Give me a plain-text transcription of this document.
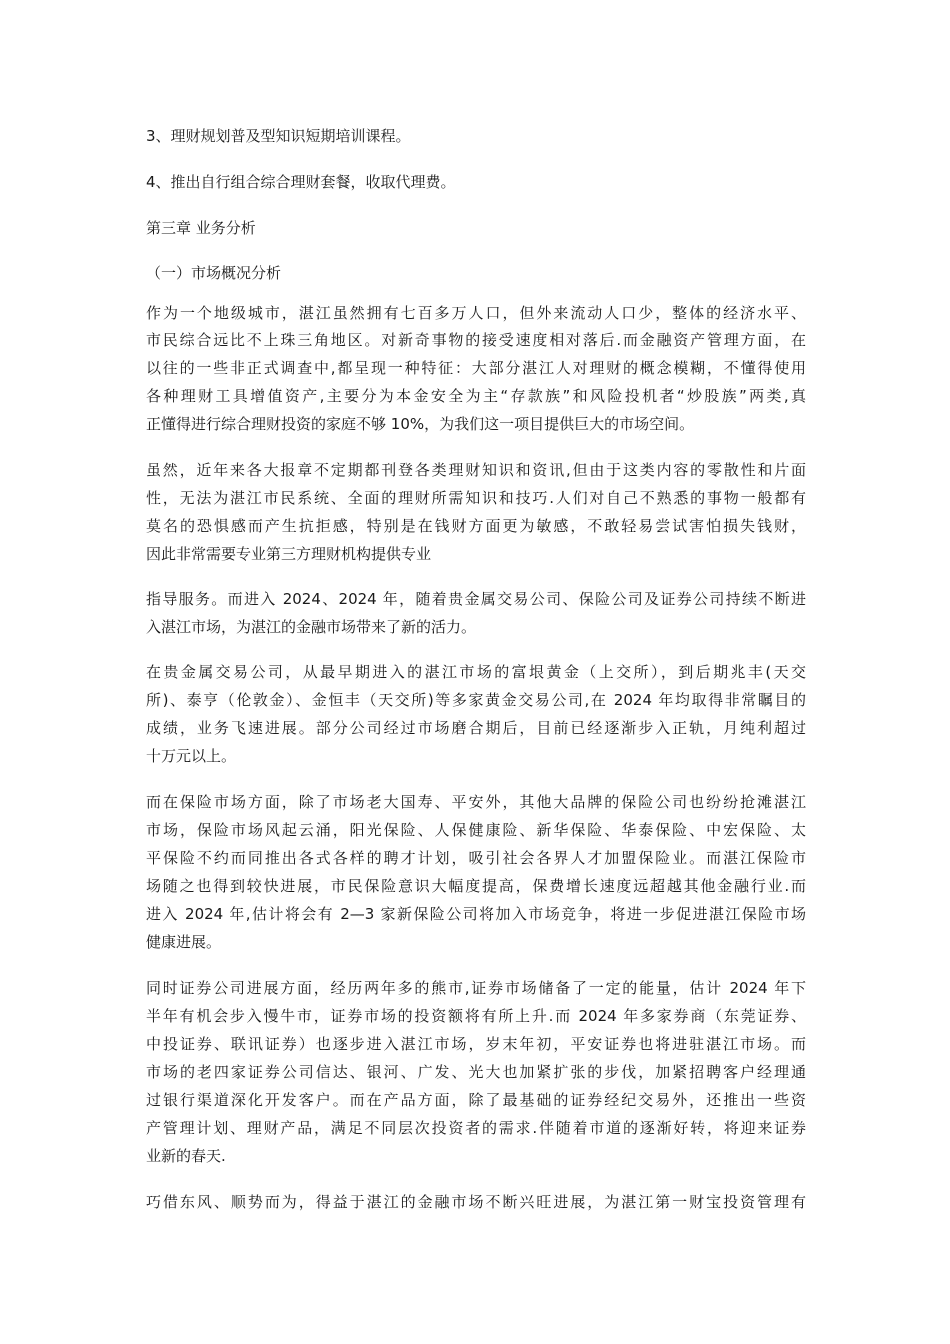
3、理财规划普及型知识短期培训课程。
4、推出自行组合综合理财套餐，收取代理费。
第三章 业务分析
（一）市场概况分析
作为一个地级城市，湛江虽然拥有七百多万人口，但外来流动人口少，整体的经济水平、
市民综合远比不上珠三角地区。对新奇事物的接受速度相对落后.而金融资产管理方面，在
以往的一些非正式调查中,都呈现一种特征：大部分湛江人对理财的概念模糊，不懂得使用
各种理财工具增值资产,主要分为本金安全为主“存款族”和风险投机者“炒股族”两类,真
正懂得进行综合理财投资的家庭不够 10%，为我们这一项目提供巨大的市场空间。
虽然，近年来各大报章不定期都刊登各类理财知识和资讯,但由于这类内容的零散性和片面
性，无法为湛江市民系统、全面的理财所需知识和技巧.人们对自己不熟悉的事物一般都有
莫名的恐惧感而产生抗拒感，特别是在钱财方面更为敏感，不敢轻易尝试害怕损失钱财，
因此非常需要专业第三方理财机构提供专业
指导服务。而进入 2024、2024 年，随着贵金属交易公司、保险公司及证券公司持续不断进
入湛江市场，为湛江的金融市场带来了新的活力。
在贵金属交易公司，从最早期进入的湛江市场的富垠黄金（上交所），到后期兆丰(天交
所)、泰亨（伦敦金）、金恒丰（天交所)等多家黄金交易公司,在 2024 年均取得非常瞩目的
成绩，业务飞速进展。部分公司经过市场磨合期后，目前已经逐渐步入正轨，月纯利超过
十万元以上。
而在保险市场方面，除了市场老大国寿、平安外，其他大品牌的保险公司也纷纷抢滩湛江
市场，保险市场风起云涌，阳光保险、人保健康险、新华保险、华泰保险、中宏保险、太
平保险不约而同推出各式各样的聘才计划，吸引社会各界人才加盟保险业。而湛江保险市
场随之也得到较快进展，市民保险意识大幅度提高，保费增长速度远超越其他金融行业.而
进入 2024 年,估计将会有 2—3 家新保险公司将加入市场竞争，将进一步促进湛江保险市场
健康进展。
同时证券公司进展方面，经历两年多的熊市,证券市场储备了一定的能量，估计 2024 年下
半年有机会步入慢牛市，证券市场的投资额将有所上升.而 2024 年多家券商（东莞证券、
中投证券、联讯证券）也逐步进入湛江市场，岁末年初，平安证券也将进驻湛江市场。而
市场的老四家证券公司信达、银河、广发、光大也加紧扩张的步伐，加紧招聘客户经理通
过银行渠道深化开发客户。而在产品方面，除了最基础的证券经纪交易外，还推出一些资
产管理计划、理财产品，满足不同层次投资者的需求.伴随着市道的逐渐好转，将迎来证券
业新的春天.
巧借东风、顺势而为，得益于湛江的金融市场不断兴旺进展，为湛江第一财宝投资管理有
